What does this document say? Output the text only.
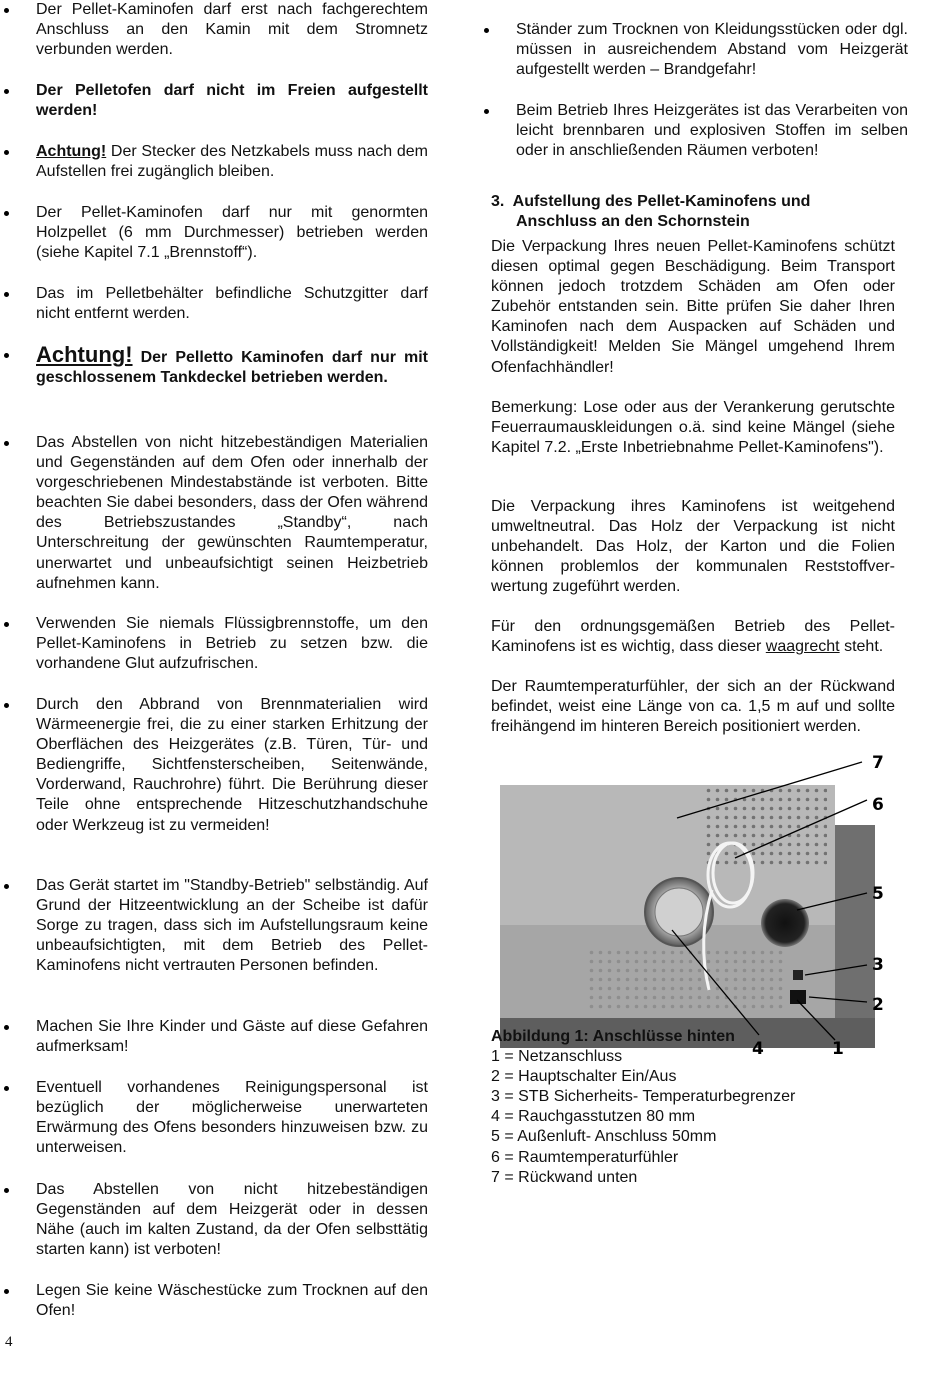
Der Pellet-Kaminofen darf erst nach fachgerechtem Anschluss an den Kamin mit dem Stromnetz verbunden werden.
Der Pelletofen darf nicht im Freien aufgestellt werden!
Achtung! Der Stecker des Netzkabels muss nach dem Aufstellen frei zugänglich bleiben.
Der Pellet-Kaminofen darf nur mit genormten Holzpellet (6 mm Durchmesser) betrieben werden (siehe Kapitel 7.1 „Brennstoff“).
Das im Pelletbehälter befindliche Schutzgitter darf nicht entfernt werden.
Achtung! Der Pelletto Kaminofen darf nur mit geschlossenem Tankdeckel betrieben werden.
Das Abstellen von nicht hitzebeständigen Materialien und Gegenständen auf dem Ofen oder innerhalb der vorgeschriebenen Mindestabstände ist verboten. Bitte beachten Sie dabei besonders, dass der Ofen während des Betriebszustandes „Standby“, nach Unterschreitung der gewünschten Raumtemperatur, unerwartet und unbeaufsichtigt seinen Heizbetrieb aufnehmen kann.
Verwenden Sie niemals Flüssigbrennstoffe, um den Pellet-Kaminofens in Betrieb zu setzen bzw. die vorhandene Glut aufzufrischen.
Durch den Abbrand von Brennmaterialien wird Wärmeenergie frei, die zu einer starken Erhitzung der Oberflächen des Heizgerätes (z.B. Türen, Tür- und Bediengriffe, Sichtfensterscheiben, Seitenwände, Vorderwand, Rauchrohre) führt. Die Berührung dieser Teile ohne entsprechende Hitzeschutzhandschuhe oder Werkzeug ist zu vermeiden!
Das Gerät startet im "Standby-Betrieb" selbständig. Auf Grund der Hitzeentwicklung an der Scheibe ist dafür Sorge zu tragen, dass sich im Aufstellungsraum keine unbeaufsichtigten, mit dem Betrieb des Pellet-Kaminofens nicht vertrauten Personen befinden.
Machen Sie Ihre Kinder und Gäste auf diese Gefahren aufmerksam!
Eventuell vorhandenes Reinigungspersonal ist bezüglich der möglicherweise unerwarteten Erwärmung des Ofens besonders hinzuweisen bzw. zu unterweisen.
Das Abstellen von nicht hitzebeständigen Gegenständen auf dem Heizgerät oder in dessen Nähe (auch im kalten Zustand, da der Ofen selbsttätig starten kann) ist verboten!
Legen Sie keine Wäschestücke zum Trocknen auf den Ofen!
Ständer zum Trocknen von Kleidungsstücken oder dgl. müssen in ausreichendem Abstand vom Heizgerät aufgestellt werden – Brandgefahr!
Beim Betrieb Ihres Heizgerätes ist das Verarbeiten von leicht brennbaren und explosiven Stoffen im selben oder in anschließenden Räumen verboten!
3. Aufstellung des Pellet-Kaminofens und
Anschluss an den Schornstein
Die Verpackung Ihres neuen Pellet-Kaminofens schützt diesen optimal gegen Beschädigung. Beim Transport können jedoch trotzdem Schäden am Ofen oder Zubehör entstanden sein. Bitte prüfen Sie daher Ihren Kaminofen nach dem Auspacken auf Schäden und Vollständigkeit! Melden Sie Mängel umgehend Ihrem Ofenfachhändler!
Bemerkung: Lose oder aus der Verankerung gerutschte Feuerraumauskleidungen o.ä. sind keine Mängel (siehe Kapitel 7.2. „Erste Inbetriebnahme Pellet-Kaminofens").
Die Verpackung ihres Kaminofens ist weitgehend umweltneutral. Das Holz der Verpackung ist nicht unbehandelt. Das Holz, der Karton und die Folien können problemlos der kommunalen Reststoffverwertung zugeführt werden.
Für den ordnungsgemäßen Betrieb des Pellet-Kaminofens ist es wichtig, dass dieser waagrecht steht.
Der Raumtemperaturfühler, der sich an der Rückwand befindet, weist eine Länge von ca. 1,5 m auf und sollte freihängend im hinteren Bereich positioniert werden.
7
6
5
3
2
4	1
Abbildung 1: Anschlüsse hinten
1 = Netzanschluss
2 = Hauptschalter Ein/Aus
3 = STB Sicherheits- Temperaturbegrenzer
4 = Rauchgasstutzen 80 mm
5 = Außenluft- Anschluss 50mm
6 = Raumtemperaturfühler
7 = Rückwand unten
4
